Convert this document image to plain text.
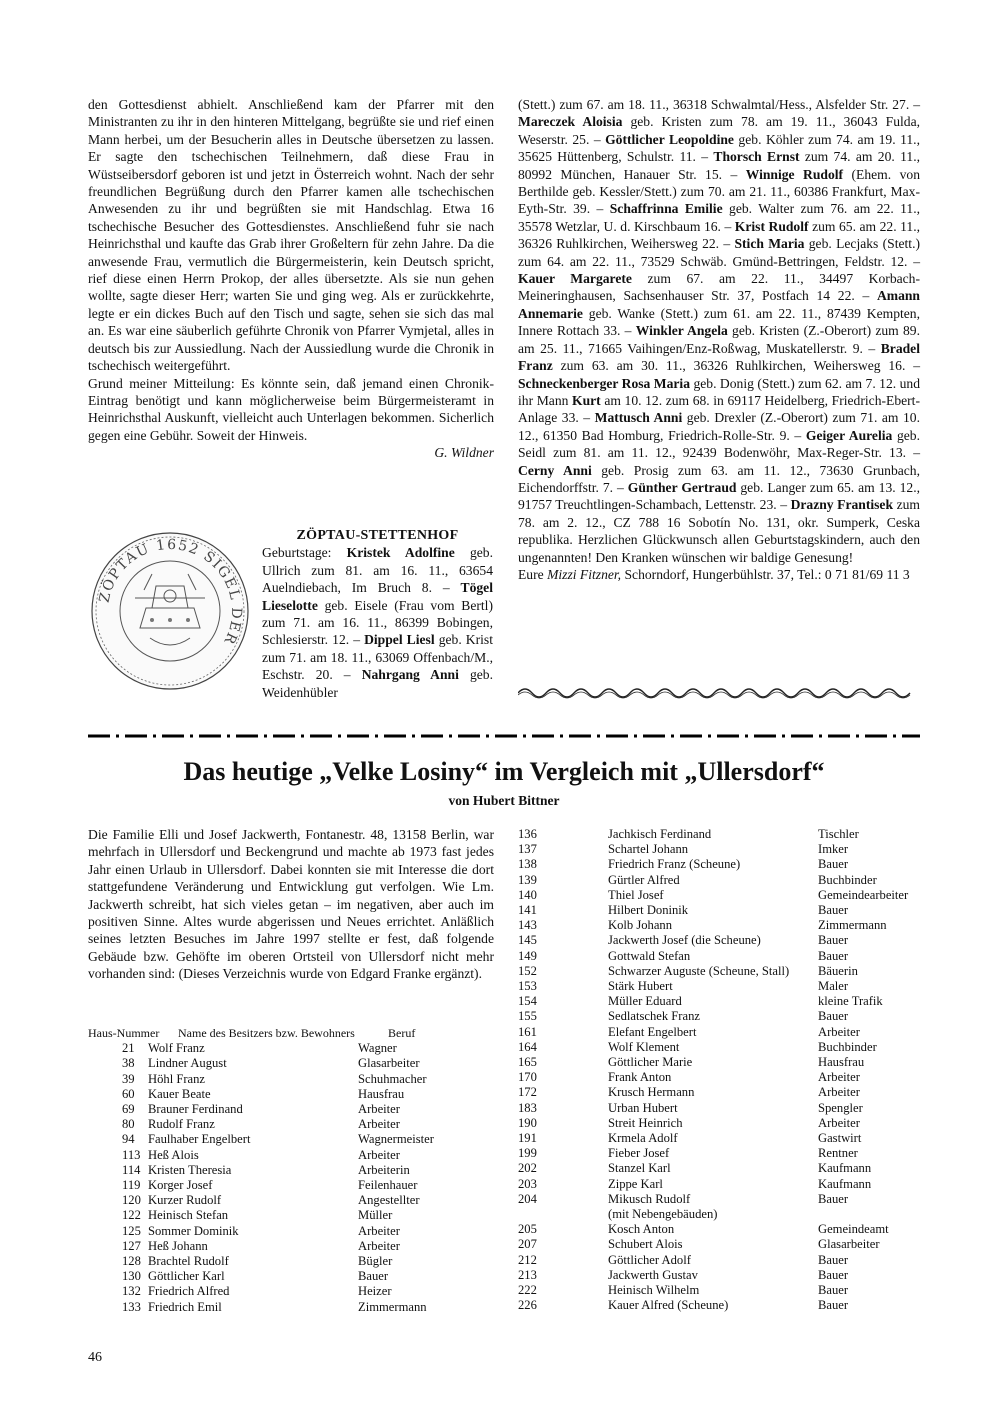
den Gottesdienst abhielt. Anschließend kam der Pfarrer mit den Ministranten zu ihr in den hinteren Mittelgang, begrüßte sie und rief einen Mann herbei, um der Besucherin alles in Deutsche übersetzen zu lassen. Er sagte den tschechischen Teilnehmern, daß diese Frau in Wüstseibersdorf geboren ist und jetzt in Österreich wohnt. Nach der sehr freundlichen Begrüßung durch den Pfarrer kamen alle tschechischen Anwesenden zu ihr und begrüßten sie mit Handschlag. Etwa 16 tschechische Besucher des Gottesdienstes. Anschließend fuhr sie nach Heinrichsthal und kaufte das Grab ihrer Großeltern für zehn Jahre. Da die anwesende Frau, vermutlich die Bürgermeisterin, kein Deutsch spricht, rief diese einen Herrn Prokop, der alles übersetzte. Als sie nun gehen wollte, sagte dieser Herr; warten Sie und ging weg. Als er zurückkehrte, legte er ein dickes Buch auf den Tisch und sagte, sehen sie sich das mal an. Es war eine säuberlich geführte Chronik von Pfarrer Vymjetal, alles in deutsch bis zur Aussiedlung. Nach der Aussiedlung wurde die Chronik in tschechisch weitergeführt.

Grund meiner Mitteilung: Es könnte sein, daß jemand einen Chronik-Eintrag benötigt und kann möglicherweise beim Bürgermeisteramt in Heinrichsthal Auskunft, vielleicht auch Unterlagen bekommen. Sicherlich gegen eine Gebühr. Soweit der Hinweis.

G. Wildner

ZÖPTAU 1652 SIGEL DER

ZÖPTAU-STETTENHOF

Geburtstage: Kristek Adolfine geb. Ullrich zum 81. am 16. 11., 63654 Auelndiebach, Im Bruch 8. – Tögel Lieselotte geb. Eisele (Frau vom Bertl) zum 71. am 16. 11., 86399 Bobingen, Schlesierstr. 12. – Dippel Liesl geb. Krist zum 71. am 18. 11., 63069 Offenbach/M., Eschstr. 20. – Nahrgang Anni geb. Weidenhübler

(Stett.) zum 67. am 18. 11., 36318 Schwalmtal/Hess., Alsfelder Str. 27. – Mareczek Aloisia geb. Kristen zum 78. am 19. 11., 36043 Fulda, Weserstr. 25. – Göttlicher Leopoldine geb. Köhler zum 74. am 19. 11., 35625 Hüttenberg, Schulstr. 11. – Thorsch Ernst zum 74. am 20. 11., 80992 München, Hanauer Str. 15. – Winnige Rudolf (Ehem. von Berthilde geb. Kessler/Stett.) zum 70. am 21. 11., 60386 Frankfurt, Max-Eyth-Str. 39. – Schaffrinna Emilie geb. Walter zum 76. am 22. 11., 35578 Wetzlar, U. d. Kirschbaum 16. – Krist Rudolf zum 65. am 22. 11., 36326 Ruhlkirchen, Weihersweg 22. – Stich Maria geb. Lecjaks (Stett.) zum 64. am 22. 11., 73529 Schwäb. Gmünd-Bettringen, Feldstr. 12. – Kauer Margarete zum 67. am 22. 11., 34497 Korbach-Meineringhausen, Sachsenhauser Str. 37, Postfach 14 22. – Amann Annemarie geb. Wanke (Stett.) zum 61. am 22. 11., 87439 Kempten, Innere Rottach 33. – Winkler Angela geb. Kristen (Z.-Oberort) zum 89. am 25. 11., 71665 Vaihingen/Enz-Roßwag, Muskatellerstr. 9. – Bradel Franz zum 63. am 30. 11., 36326 Ruhlkirchen, Weihersweg 16. – Schneckenberger Rosa Maria geb. Donig (Stett.) zum 62. am 7. 12. und ihr Mann Kurt am 10. 12. zum 68. in 69117 Heidelberg, Friedrich-Ebert-Anlage 33. – Mattusch Anni geb. Drexler (Z.-Oberort) zum 71. am 10. 12., 61350 Bad Homburg, Friedrich-Rolle-Str. 9. – Geiger Aurelia geb. Seidl zum 81. am 11. 12., 92439 Bodenwöhr, Max-Reger-Str. 13. – Cerny Anni geb. Prosig zum 63. am 11. 12., 73630 Grunbach, Eichendorffstr. 7. – Günther Gertraud geb. Langer zum 65. am 13. 12., 91757 Treuchtlingen-Schambach, Lettenstr. 23. – Drazny Frantisek zum 78. am 2. 12., CZ 788 16 Sobotín No. 131, okr. Sumperk, Ceska republika. Herzlichen Glückwunsch allen Geburtstagskindern, auch den ungenannten! Den Kranken wünschen wir baldige Genesung!

Eure Mizzi Fitzner, Schorndorf, Hungerbühlstr. 37, Tel.: 0 71 81/69 11 3

Das heutige „Velke Losiny“ im Vergleich mit „Ullersdorf“
von Hubert Bittner

Die Familie Elli und Josef Jackwerth, Fontanestr. 48, 13158 Berlin, war mehrfach in Ullersdorf und Beckengrund und machte ab 1973 fast jedes Jahr einen Urlaub in Ullersdorf. Dabei konnten sie mit Interesse die dort stattgefundene Veränderung und Entwicklung gut verfolgen. Wie Lm. Jackwerth schreibt, hat sich vieles getan – im negativen, aber auch im positiven Sinne. Altes wurde abgerissen und Neues errichtet. Anläßlich seines letzten Besuches im Jahre 1997 stellte er fest, daß folgende Gebäude bzw. Gehöfte im oberen Ortsteil von Ullersdorf nicht mehr vorhanden sind: (Dieses Verzeichnis wurde von Edgard Franke ergänzt).

Haus-Nummer	Name des Besitzers bzw. Bewohners	Beruf
21	Wolf Franz	Wagner
38	Lindner August	Glasarbeiter
39	Höhl Franz	Schuhmacher
60	Kauer Beate	Hausfrau
69	Brauner Ferdinand	Arbeiter
80	Rudolf Franz	Arbeiter
94	Faulhaber Engelbert	Wagnermeister
113 Heß Alois	Arbeiter
114 Kristen Theresia	Arbeiterin
119 Korger Josef	Feilenhauer
120 Kurzer Rudolf	Angestellter
122 Heinisch Stefan	Müller
125 Sommer Dominik	Arbeiter
127 Heß Johann	Arbeiter
128 Brachtel Rudolf	Bügler
130 Göttlicher Karl	Bauer
132 Friedrich Alfred	Heizer
133 Friedrich Emil	Zimmermann
136	Jachkisch Ferdinand	Tischler
137	Schartel Johann	Imker
138	Friedrich Franz (Scheune)	Bauer
139	Gürtler Alfred	Buchbinder
140	Thiel Josef	Gemeindearbeiter
141	Hilbert Doninik	Bauer
143	Kolb Johann	Zimmermann
145	Jackwerth Josef (die Scheune)	Bauer
149	Gottwald Stefan	Bauer
152	Schwarzer Auguste (Scheune, Stall)	Bäuerin
153	Stärk Hubert	Maler
154	Müller Eduard	kleine Trafik
155	Sedlatschek Franz	Bauer
161	Elefant Engelbert	Arbeiter
164	Wolf Klement	Buchbinder
165	Göttlicher Marie	Hausfrau
170	Frank Anton	Arbeiter
172	Krusch Hermann	Arbeiter
183	Urban Hubert	Spengler
190	Streit Heinrich	Arbeiter
191	Krmela Adolf	Gastwirt
199	Fieber Josef	Rentner
202	Stanzel Karl	Kaufmann
203	Zippe Karl	Kaufmann
204	Mikusch Rudolf	Bauer
(mit Nebengebäuden)
205	Kosch Anton	Gemeindeamt
207	Schubert Alois	Glasarbeiter
212	Göttlicher Adolf	Bauer
213	Jackwerth Gustav	Bauer
222	Heinisch Wilhelm	Bauer
226	Kauer Alfred (Scheune)	Bauer
46
